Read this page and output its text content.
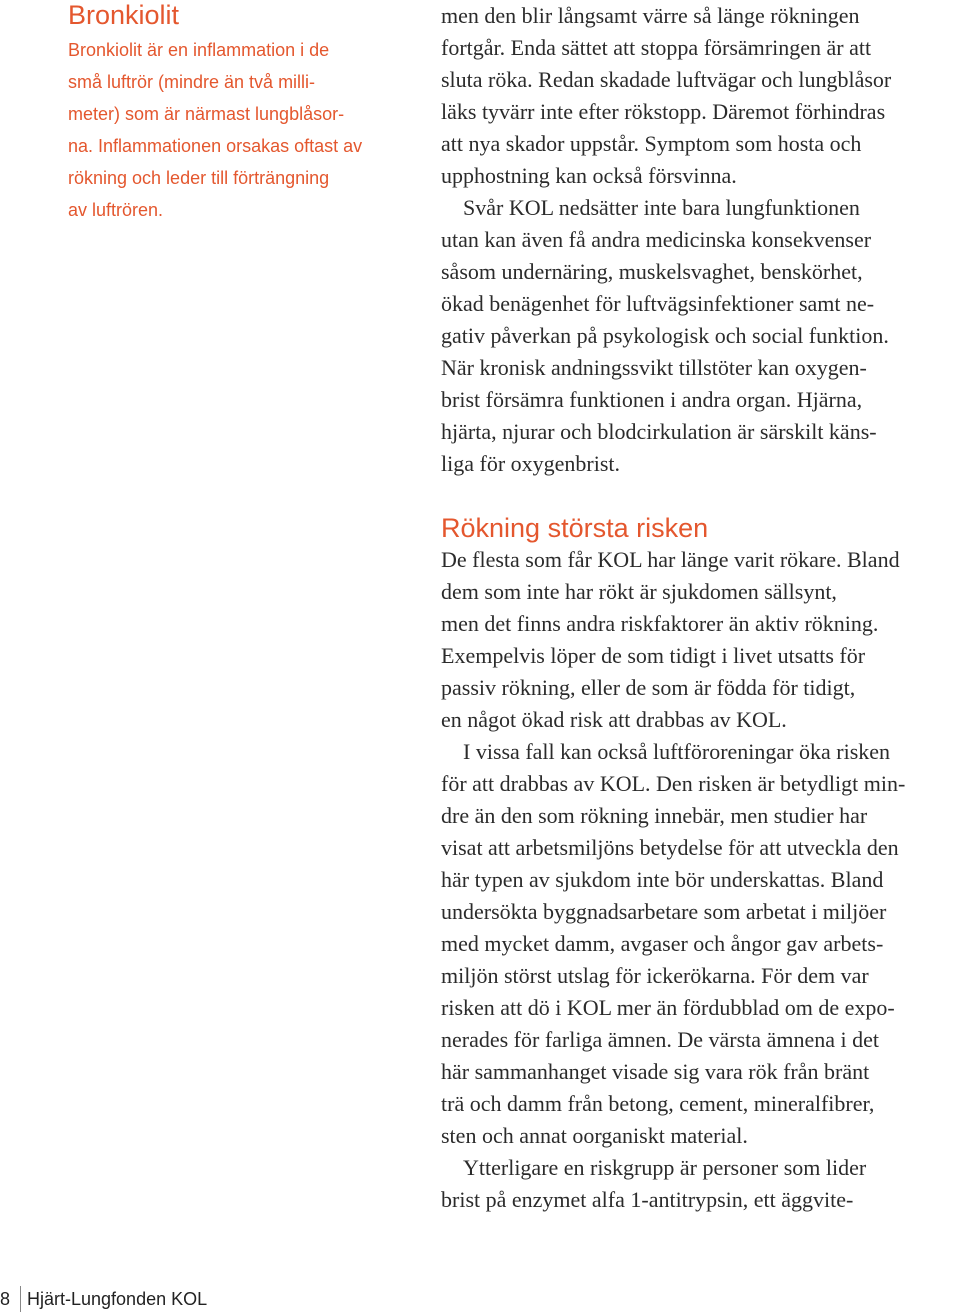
Bronkiolit

Bronkiolit är en inflammation i de
små luftrör (mindre än två milli-
meter) som är närmast lungblåsor-
na. Inflammationen orsakas oftast av
rökning och leder till förträngning
av luftrören.

men den blir långsamt värre så länge rökningen
fortgår. Enda sättet att stoppa försämringen är att
sluta röka. Redan skadade luftvägar och lungblåsor
läks tyvärr inte efter rökstopp. Däremot förhindras
att nya skador uppstår. Symptom som hosta och
upphostning kan också försvinna.

Svår KOL nedsätter inte bara lungfunktionen
utan kan även få andra medicinska konsekvenser
såsom undernäring, muskelsvaghet, benskörhet,
ökad benägenhet för luftvägsinfektioner samt ne-
gativ påverkan på psykologisk och social funktion.
När kronisk andningssvikt tillstöter kan oxygen-
brist försämra funktionen i andra organ. Hjärna,
hjärta, njurar och blodcirkulation är särskilt käns-
liga för oxygenbrist.

Rökning största risken

De flesta som får KOL har länge varit rökare. Bland
dem som inte har rökt är sjukdomen sällsynt,
men det finns andra riskfaktorer än aktiv rökning.
Exempelvis löper de som tidigt i livet utsatts för
passiv rökning, eller de som är födda för tidigt,
en något ökad risk att drabbas av KOL.

I vissa fall kan också luftföroreningar öka risken
för att drabbas av KOL. Den risken är betydligt min-
dre än den som rökning innebär, men studier har
visat att arbetsmiljöns betydelse för att utveckla den
här typen av sjukdom inte bör underskattas. Bland
undersökta byggnadsarbetare som arbetat i miljöer
med mycket damm, avgaser och ångor gav arbets-
miljön störst utslag för ickerökarna. För dem var
risken att dö i KOL mer än fördubblad om de expo-
nerades för farliga ämnen. De värsta ämnena i det
här sammanhanget visade sig vara rök från bränt
trä och damm från betong, cement, mineralfibrer,
sten och annat oorganiskt material.

Ytterligare en riskgrupp är personer som lider
brist på enzymet alfa 1-antitrypsin, ett äggvite-

8 Hjärt-Lungfonden KOL
